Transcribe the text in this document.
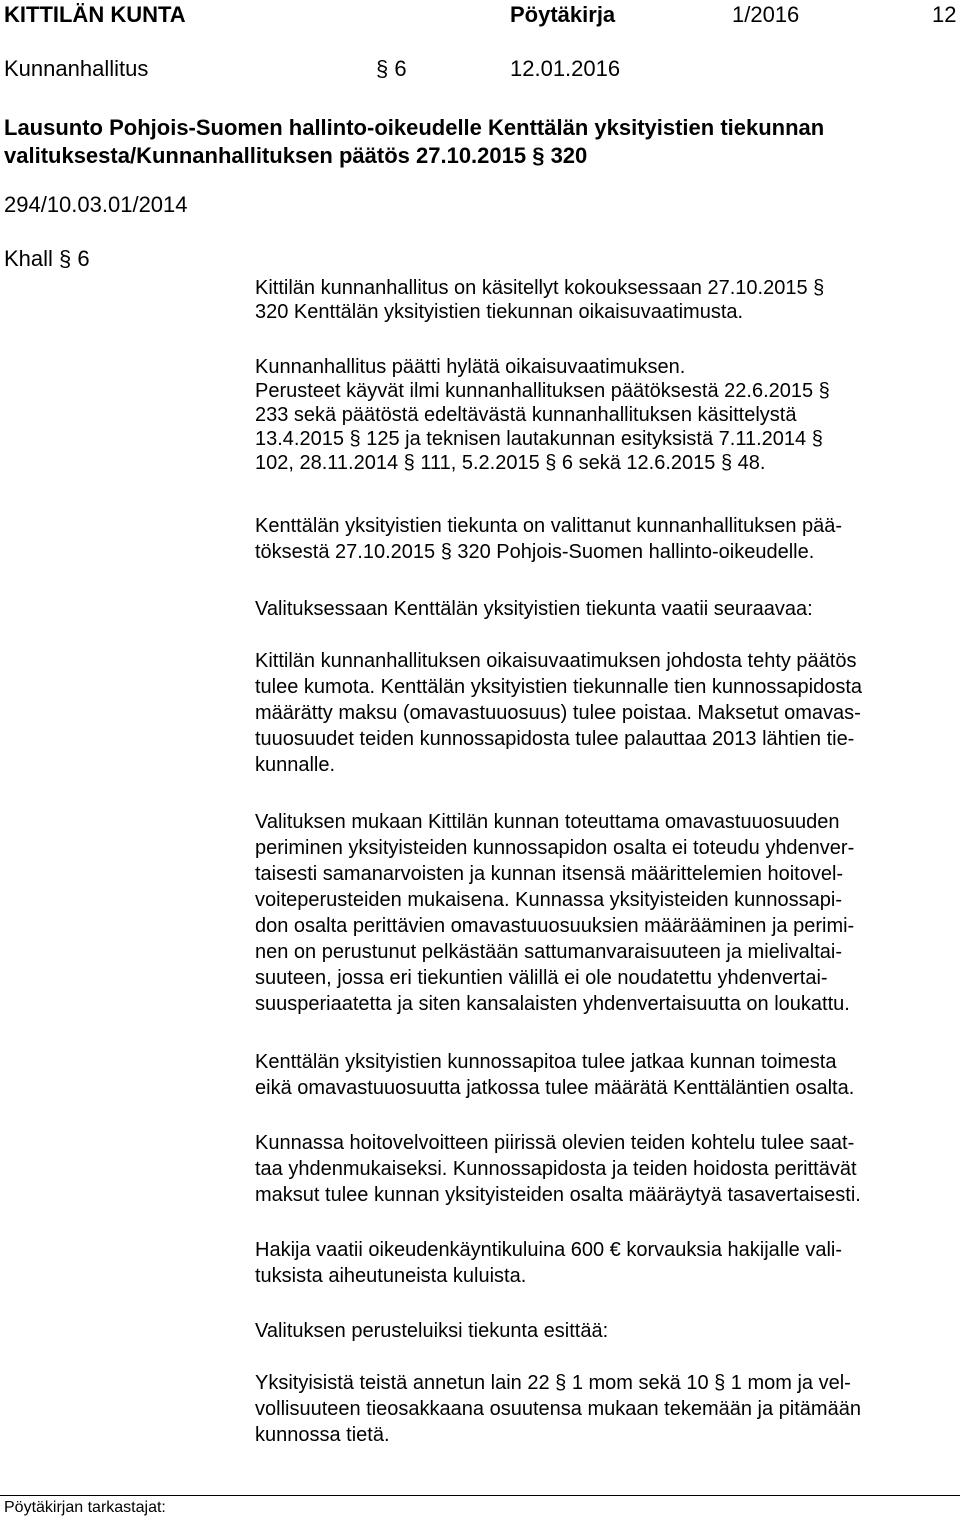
KITTILÄN KUNTA	Pöytäkirja	1/2016	12
Kunnanhallitus	§ 6	12.01.2016
Lausunto Pohjois-Suomen hallinto-oikeudelle Kenttälän yksityistien tiekunnan
valituksesta/Kunnanhallituksen päätös 27.10.2015 § 320
294/10.03.01/2014
Khall § 6
Kittilän kunnanhallitus on käsitellyt kokouksessaan 27.10.2015 §
320 Kenttälän yksityistien tiekunnan oikaisuvaatimusta.
Kunnanhallitus päätti hylätä oikaisuvaatimuksen.
Perusteet käyvät ilmi kunnanhallituksen päätöksestä 22.6.2015 §
233 sekä päätöstä edeltävästä kunnanhallituksen käsittelystä
13.4.2015 § 125 ja teknisen lautakunnan esityksistä 7.11.2014 §
102, 28.11.2014 § 111, 5.2.2015 § 6 sekä 12.6.2015 § 48.
Kenttälän yksityistien tiekunta on valittanut kunnanhallituksen pää-
töksestä 27.10.2015 § 320 Pohjois-Suomen hallinto-oikeudelle.
Valituksessaan Kenttälän yksityistien tiekunta vaatii seuraavaa:
Kittilän kunnanhallituksen oikaisuvaatimuksen johdosta tehty päätös
tulee kumota. Kenttälän yksityistien tiekunnalle tien kunnossapidosta
määrätty maksu (omavastuuosuus) tulee poistaa. Maksetut omavas-
tuuosuudet teiden kunnossapidosta tulee palauttaa 2013 lähtien tie-
kunnalle.
Valituksen mukaan Kittilän kunnan toteuttama omavastuuosuuden
periminen yksityisteiden kunnossapidon osalta ei toteudu yhdenver-
taisesti samanarvoisten ja kunnan itsensä määrittelemien hoitovel-
voiteperusteiden mukaisena. Kunnassa yksityisteiden kunnossapi-
don osalta perittävien omavastuuosuuksien määrääminen ja perimi-
nen on perustunut pelkästään sattumanvaraisuuteen ja mielivaltai-
suuteen, jossa eri tiekuntien välillä ei ole noudatettu yhdenvertai-
suusperiaatetta ja siten kansalaisten yhdenvertaisuutta on loukattu.
Kenttälän yksityistien kunnossapitoa tulee jatkaa kunnan toimesta
eikä omavastuuosuutta jatkossa tulee määrätä Kenttäläntien osalta.
Kunnassa hoitovelvoitteen piirissä olevien teiden kohtelu tulee saat-
taa yhdenmukaiseksi. Kunnossapidosta ja teiden hoidosta perittävät
maksut tulee kunnan yksityisteiden osalta määräytyä tasavertaisesti.
Hakija vaatii oikeudenkäyntikuluina 600 € korvauksia hakijalle vali-
tuksista aiheutuneista kuluista.
Valituksen perusteluiksi tiekunta esittää:
Yksityisistä teistä annetun lain 22 § 1 mom sekä 10 § 1 mom ja vel-
vollisuuteen tieosakkaana osuutensa mukaan tekemään ja pitämään
kunnossa tietä.
Pöytäkirjan tarkastajat:
